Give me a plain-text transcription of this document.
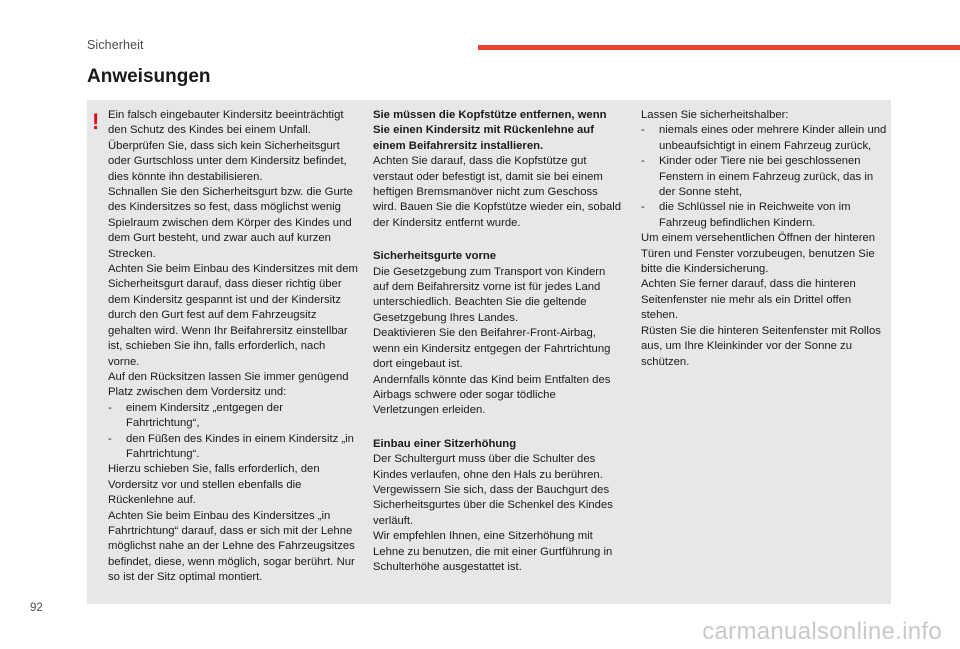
Sicherheit
Anweisungen
! Ein falsch eingebauter Kindersitz beeinträchtigt den Schutz des Kindes bei einem Unfall.

Überprüfen Sie, dass sich kein Sicherheitsgurt oder Gurtschloss unter dem Kindersitz befindet, dies könnte ihn destabilisieren.

Schnallen Sie den Sicherheitsgurt bzw. die Gurte des Kindersitzes so fest, dass möglichst wenig Spielraum zwischen dem Körper des Kindes und dem Gurt besteht, und zwar auch auf kurzen Strecken.

Achten Sie beim Einbau des Kindersitzes mit dem Sicherheitsgurt darauf, dass dieser richtig über dem Kindersitz gespannt ist und der Kindersitz durch den Gurt fest auf dem Fahrzeugsitz gehalten wird. Wenn Ihr Beifahrersitz einstellbar ist, schieben Sie ihn, falls erforderlich, nach vorne.

Auf den Rücksitzen lassen Sie immer genügend Platz zwischen dem Vordersitz und:

- einem Kindersitz „entgegen der Fahrtrichtung“,

- den Füßen des Kindes in einem Kindersitz „in Fahrtrichtung“.

Hierzu schieben Sie, falls erforderlich, den Vordersitz vor und stellen ebenfalls die Rückenlehne auf.

Achten Sie beim Einbau des Kindersitzes „in Fahrtrichtung“ darauf, dass er sich mit der Lehne möglichst nahe an der Lehne des Fahrzeugsitzes befindet, diese, wenn möglich, sogar berührt. Nur so ist der Sitz optimal montiert.

Sie müssen die Kopfstütze entfernen, wenn Sie einen Kindersitz mit Rückenlehne auf einem Beifahrersitz installieren.

Achten Sie darauf, dass die Kopfstütze gut verstaut oder befestigt ist, damit sie bei einem heftigen Bremsmanöver nicht zum Geschoss wird. Bauen Sie die Kopfstütze wieder ein, sobald der Kindersitz entfernt wurde.

Sicherheitsgurte vorne

Die Gesetzgebung zum Transport von Kindern auf dem Beifahrersitz vorne ist für jedes Land unterschiedlich. Beachten Sie die geltende Gesetzgebung Ihres Landes.

Deaktivieren Sie den Beifahrer-Front-Airbag, wenn ein Kindersitz entgegen der Fahrtrichtung dort eingebaut ist.

Andernfalls könnte das Kind beim Entfalten des Airbags schwere oder sogar tödliche Verletzungen erleiden.

Einbau einer Sitzerhöhung

Der Schultergurt muss über die Schulter des Kindes verlaufen, ohne den Hals zu berühren.

Vergewissern Sie sich, dass der Bauchgurt des Sicherheitsgurtes über die Schenkel des Kindes verläuft.

Wir empfehlen Ihnen, eine Sitzerhöhung mit Lehne zu benutzen, die mit einer Gurtführung in Schulterhöhe ausgestattet ist.

Lassen Sie sicherheitshalber:

- niemals eines oder mehrere Kinder allein und unbeaufsichtigt in einem Fahrzeug zurück,

- Kinder oder Tiere nie bei geschlossenen Fenstern in einem Fahrzeug zurück, das in der Sonne steht,

- die Schlüssel nie in Reichweite von im Fahrzeug befindlichen Kindern.

Um einem versehentlichen Öffnen der hinteren Türen und Fenster vorzubeugen, benutzen Sie bitte die Kindersicherung.

Achten Sie ferner darauf, dass die hinteren Seitenfenster nie mehr als ein Drittel offen stehen.

Rüsten Sie die hinteren Seitenfenster mit Rollos aus, um Ihre Kleinkinder vor der Sonne zu schützen.

92
carmanualsonline.info
